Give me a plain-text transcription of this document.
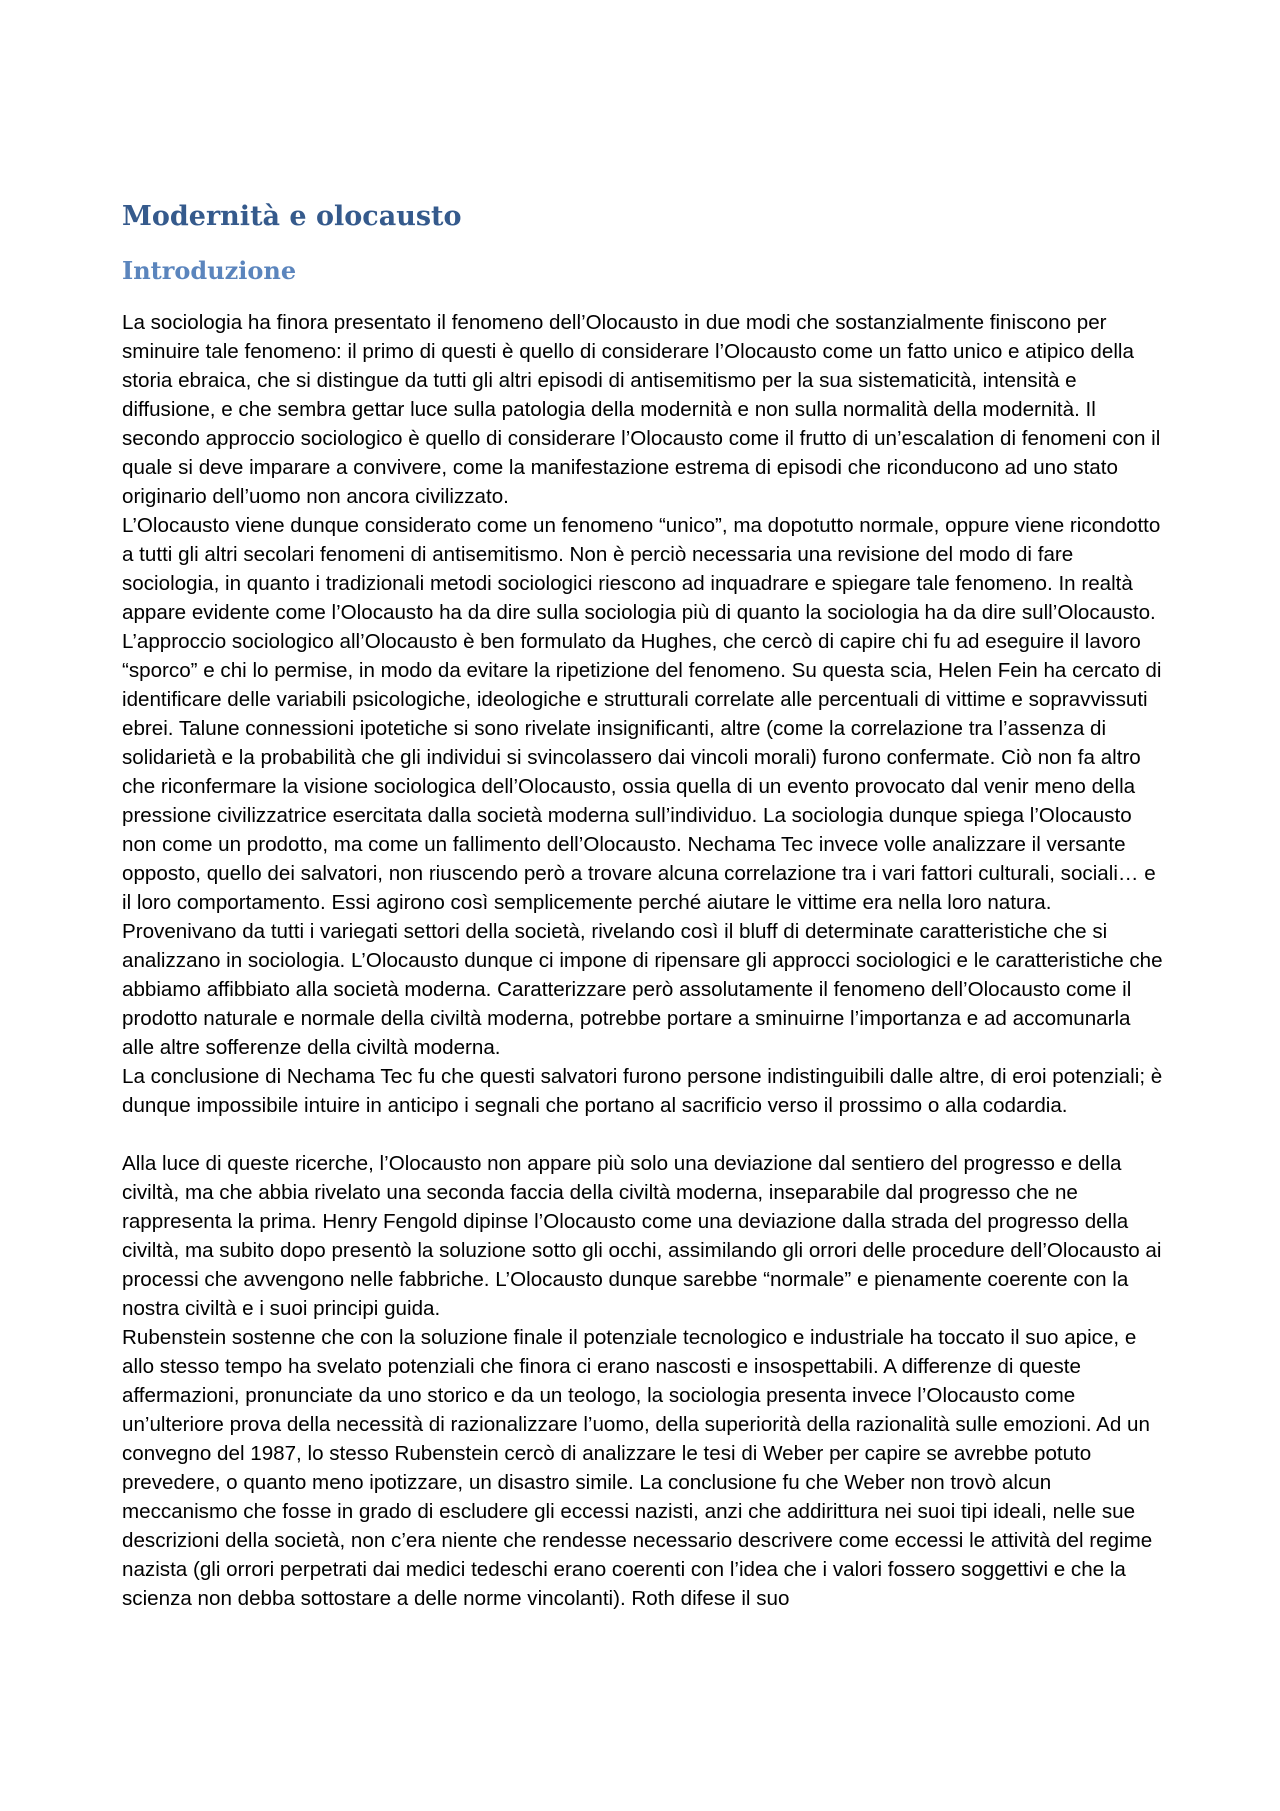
Modernità e olocausto
Introduzione

La sociologia ha finora presentato il fenomeno dell’Olocausto in due modi che sostanzialmente finiscono per sminuire tale fenomeno: il primo di questi è quello di considerare l’Olocausto come un fatto unico e atipico della storia ebraica, che si distingue da tutti gli altri episodi di antisemitismo per la sua sistematicità, intensità e diffusione, e che sembra gettar luce sulla patologia della modernità e non sulla normalità della modernità. Il secondo approccio sociologico è quello di considerare l’Olocausto come il frutto di un’escalation di fenomeni con il quale si deve imparare a convivere, come la manifestazione estrema di episodi che riconducono ad uno stato originario dell’uomo non ancora civilizzato.

L’Olocausto viene dunque considerato come un fenomeno “unico”, ma dopotutto normale, oppure viene ricondotto a tutti gli altri secolari fenomeni di antisemitismo. Non è perciò necessaria una revisione del modo di fare sociologia, in quanto i tradizionali metodi sociologici riescono ad inquadrare e spiegare tale fenomeno. In realtà appare evidente come l’Olocausto ha da dire sulla sociologia più di quanto la sociologia ha da dire sull’Olocausto. L’approccio sociologico all’Olocausto è ben formulato da Hughes, che cercò di capire chi fu ad eseguire il lavoro “sporco” e chi lo permise, in modo da evitare la ripetizione del fenomeno. Su questa scia, Helen Fein ha cercato di identificare delle variabili psicologiche, ideologiche e strutturali correlate alle percentuali di vittime e sopravvissuti ebrei. Talune connessioni ipotetiche si sono rivelate insignificanti, altre (come la correlazione tra l’assenza di solidarietà e la probabilità che gli individui si svincolassero dai vincoli morali) furono confermate. Ciò non fa altro che riconfermare la visione sociologica dell’Olocausto, ossia quella di un evento provocato dal venir meno della pressione civilizzatrice esercitata dalla società moderna sull’individuo. La sociologia dunque spiega l’Olocausto non come un prodotto, ma come un fallimento dell’Olocausto. Nechama Tec invece volle analizzare il versante opposto, quello dei salvatori, non riuscendo però a trovare alcuna correlazione tra i vari fattori culturali, sociali… e il loro comportamento. Essi agirono così semplicemente perché aiutare le vittime era nella loro natura. Provenivano da tutti i variegati settori della società, rivelando così il bluff di determinate caratteristiche che si analizzano in sociologia. L’Olocausto dunque ci impone di ripensare gli approcci sociologici e le caratteristiche che abbiamo affibbiato alla società moderna. Caratterizzare però assolutamente il fenomeno dell’Olocausto come il prodotto naturale e normale della civiltà moderna, potrebbe portare a sminuirne l’importanza e ad accomunarla alle altre sofferenze della civiltà moderna.

La conclusione di Nechama Tec fu che questi salvatori furono persone indistinguibili dalle altre, di eroi potenziali; è dunque impossibile intuire in anticipo i segnali che portano al sacrificio verso il prossimo o alla codardia.

Alla luce di queste ricerche, l’Olocausto non appare più solo una deviazione dal sentiero del progresso e della civiltà, ma che abbia rivelato una seconda faccia della civiltà moderna, inseparabile dal progresso che ne rappresenta la prima. Henry Fengold dipinse l’Olocausto come una deviazione dalla strada del progresso della civiltà, ma subito dopo presentò la soluzione sotto gli occhi, assimilando gli orrori delle procedure dell’Olocausto ai processi che avvengono nelle fabbriche. L’Olocausto dunque sarebbe “normale” e pienamente coerente con la nostra civiltà e i suoi principi guida.

Rubenstein sostenne che con la soluzione finale il potenziale tecnologico e industriale ha toccato il suo apice, e allo stesso tempo ha svelato potenziali che finora ci erano nascosti e insospettabili. A differenze di queste affermazioni, pronunciate da uno storico e da un teologo, la sociologia presenta invece l’Olocausto come un’ulteriore prova della necessità di razionalizzare l’uomo, della superiorità della razionalità sulle emozioni. Ad un convegno del 1987, lo stesso Rubenstein cercò di analizzare le tesi di Weber per capire se avrebbe potuto prevedere, o quanto meno ipotizzare, un disastro simile. La conclusione fu che Weber non trovò alcun meccanismo che fosse in grado di escludere gli eccessi nazisti, anzi che addirittura nei suoi tipi ideali, nelle sue descrizioni della società, non c’era niente che rendesse necessario descrivere come eccessi le attività del regime nazista (gli orrori perpetrati dai medici tedeschi erano coerenti con l’idea che i valori fossero soggettivi e che la scienza non debba sottostare a delle norme vincolanti). Roth difese il suo
